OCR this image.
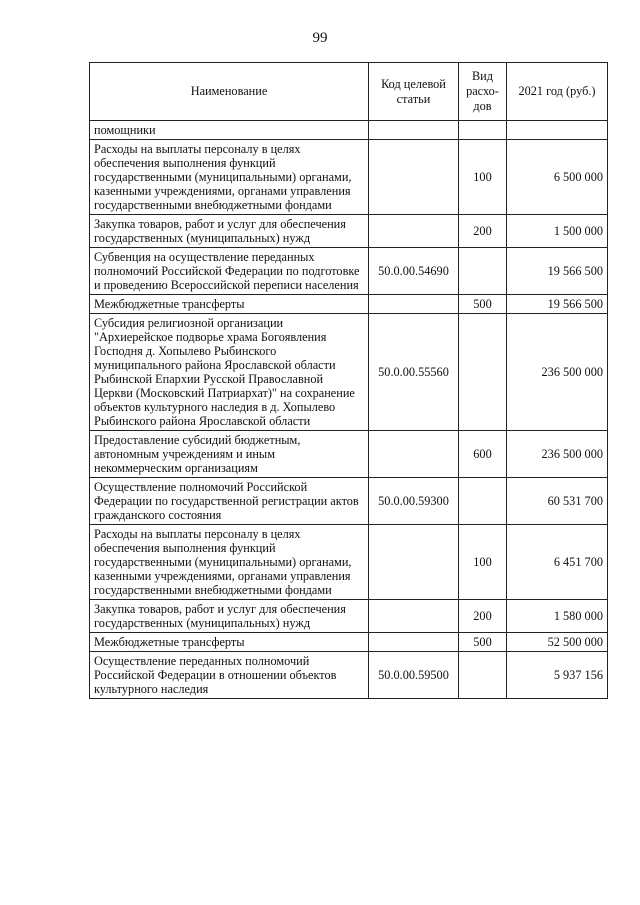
99
Наименование	Код целевой статьи	Вид расхо-дов	2021 год (руб.)
помощники			
Расходы на выплаты персоналу в целях обеспечения выполнения функций государственными (муниципальными) органами, казенными учреждениями, органами управления государственными внебюджетными фондами		100	6 500 000
Закупка товаров, работ и услуг для обеспечения государственных (муниципальных) нужд		200	1 500 000
Субвенция на осуществление переданных полномочий Российской Федерации по подготовке и проведению Всероссийской переписи населения	50.0.00.54690		19 566 500
Межбюджетные трансферты		500	19 566 500
Субсидия религиозной организации "Архиерейское подворье храма Богоявления Господня д. Хопылево Рыбинского муниципального района Ярославской области Рыбинской Епархии Русской Православной Церкви (Московский Патриархат)" на сохранение объектов культурного наследия в д. Хопылево Рыбинского района Ярославской области	50.0.00.55560		236 500 000
Предоставление субсидий бюджетным, автономным учреждениям и иным некоммерческим организациям		600	236 500 000
Осуществление полномочий Российской Федерации по государственной регистрации актов гражданского состояния	50.0.00.59300		60 531 700
Расходы на выплаты персоналу в целях обеспечения выполнения функций государственными (муниципальными) органами, казенными учреждениями, органами управления государственными внебюджетными фондами		100	6 451 700
Закупка товаров, работ и услуг для обеспечения государственных (муниципальных) нужд		200	1 580 000
Межбюджетные трансферты		500	52 500 000
Осуществление переданных полномочий Российской Федерации в отношении объектов культурного наследия	50.0.00.59500		5 937 156
